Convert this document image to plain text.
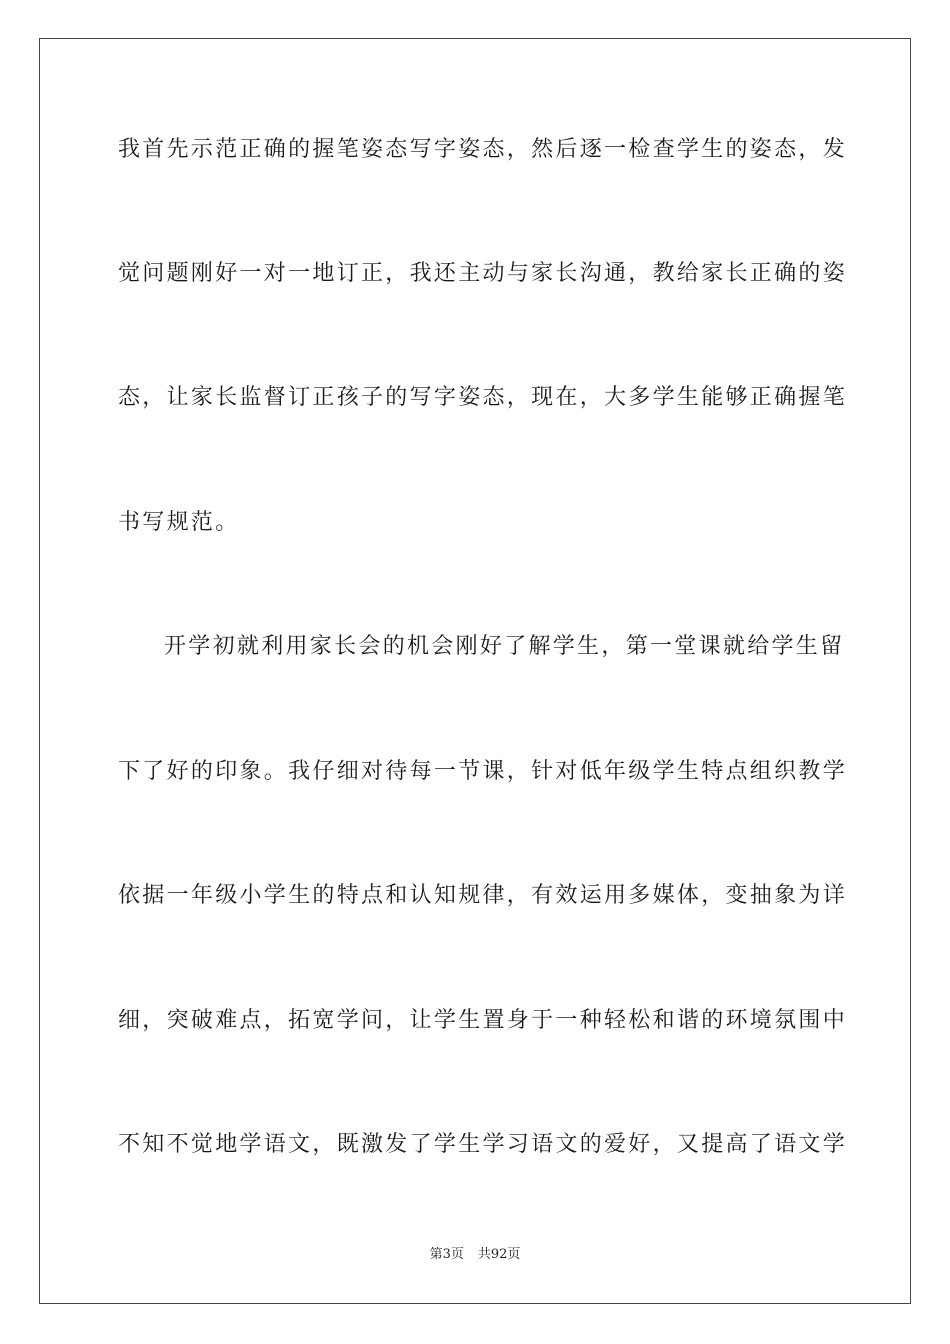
我首先示范正确的握笔姿态写字姿态，然后逐一检查学生的姿态，发

觉问题刚好一对一地订正，我还主动与家长沟通，教给家长正确的姿

态，让家长监督订正孩子的写字姿态，现在，大多学生能够正确握笔

书写规范。

开学初就利用家长会的机会刚好了解学生，第一堂课就给学生留

下了好的印象。我仔细对待每一节课，针对低年级学生特点组织教学

依据一年级小学生的特点和认知规律，有效运用多媒体，变抽象为详

细，突破难点，拓宽学问，让学生置身于一种轻松和谐的环境氛围中

不知不觉地学语文，既激发了学生学习语文的爱好，又提高了语文学

第3页 共92页
